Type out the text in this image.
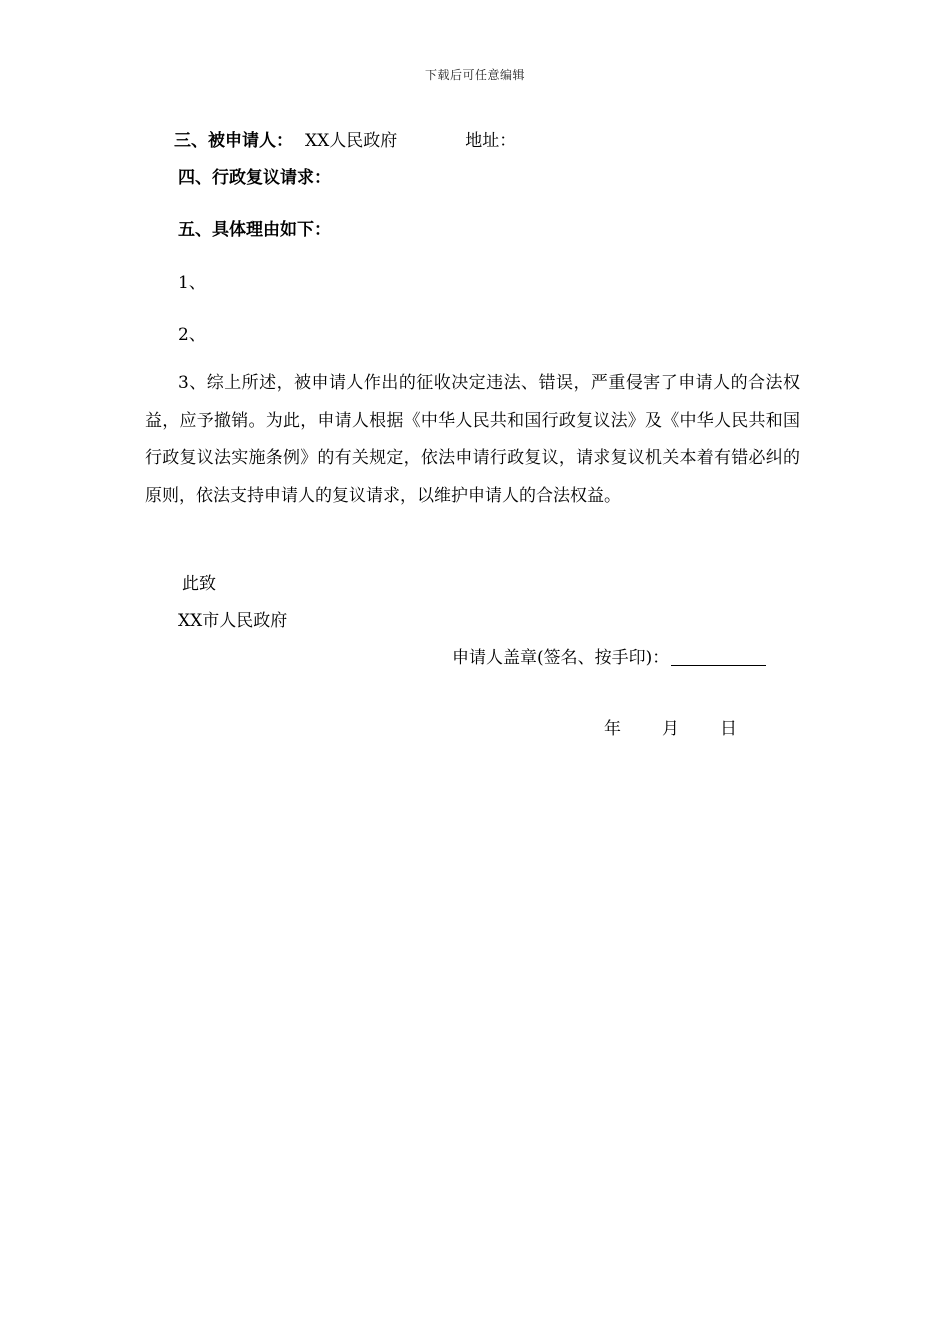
下载后可任意编辑
三、被申请人： XX人民政府	地址：
四、行政复议请求：
五、具体理由如下：
1、
2、
3、综上所述，被申请人作出的征收决定违法、错误，严重侵害了申请人的合法权益，应予撤销。为此，申请人根据《中华人民共和国行政复议法》及《中华人民共和国行政复议法实施条例》的有关规定，依法申请行政复议，请求复议机关本着有错必纠的原则，依法支持申请人的复议请求，以维护申请人的合法权益。
此致
XX市人民政府
申请人盖章(签名、按手印)：
年 月 日
